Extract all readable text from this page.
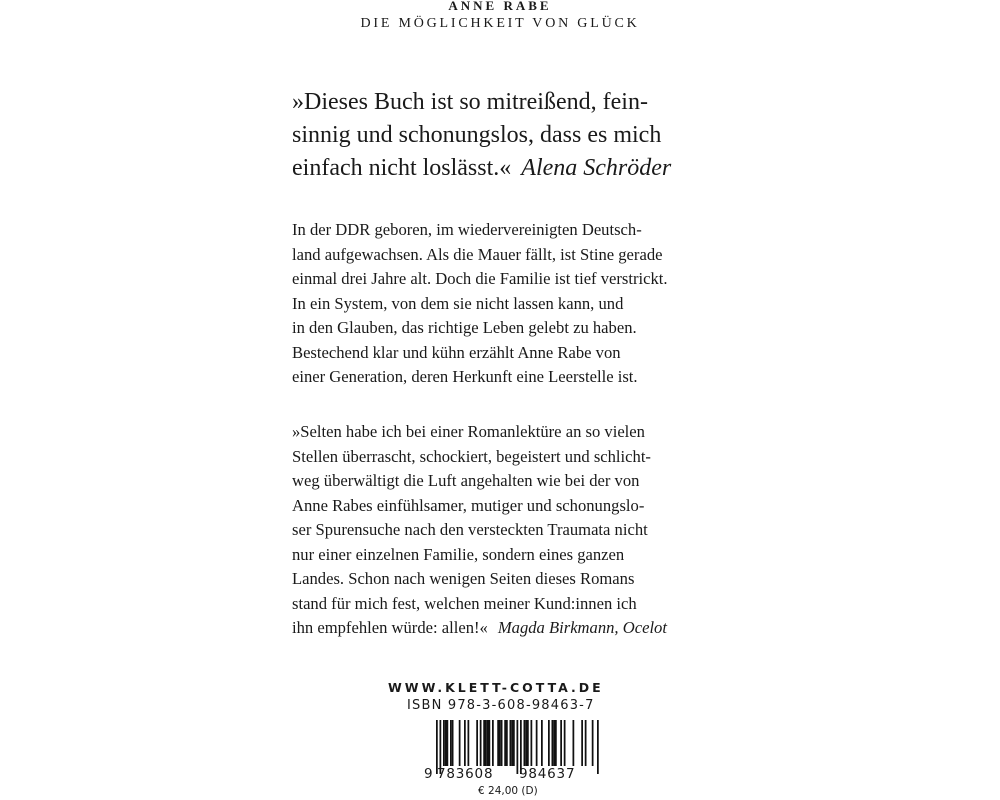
ANNE RABE
DIE MÖGLICHKEIT VON GLÜCK
»Dieses Buch ist so mitreißend, fein-
sinnig und schonungslos, dass es mich
einfach nicht loslässt.« Alena Schröder
In der DDR geboren, im wiedervereinigten Deutsch-
land aufgewachsen. Als die Mauer fällt, ist Stine gerade
einmal drei Jahre alt. Doch die Familie ist tief verstrickt.
In ein System, von dem sie nicht lassen kann, und
in den Glauben, das richtige Leben gelebt zu haben.
Bestechend klar und kühn erzählt Anne Rabe von
einer Generation, deren Herkunft eine Leerstelle ist.
»Selten habe ich bei einer Romanlektüre an so vielen
Stellen überrascht, schockiert, begeistert und schlicht-
weg überwältigt die Luft angehalten wie bei der von
Anne Rabes einfühlsamer, mutiger und schonungslo-
ser Spurensuche nach den versteckten Traumata nicht
nur einer einzelnen Familie, sondern eines ganzen
Landes. Schon nach wenigen Seiten dieses Romans
stand für mich fest, welchen meiner Kund:innen ich
ihn empfehlen würde: allen!« Magda Birkmann, Ocelot
WWW.KLETT-COTTA.DE
ISBN 978-3-608-98463-7
9 783608 984637
€ 24,00 (D)
